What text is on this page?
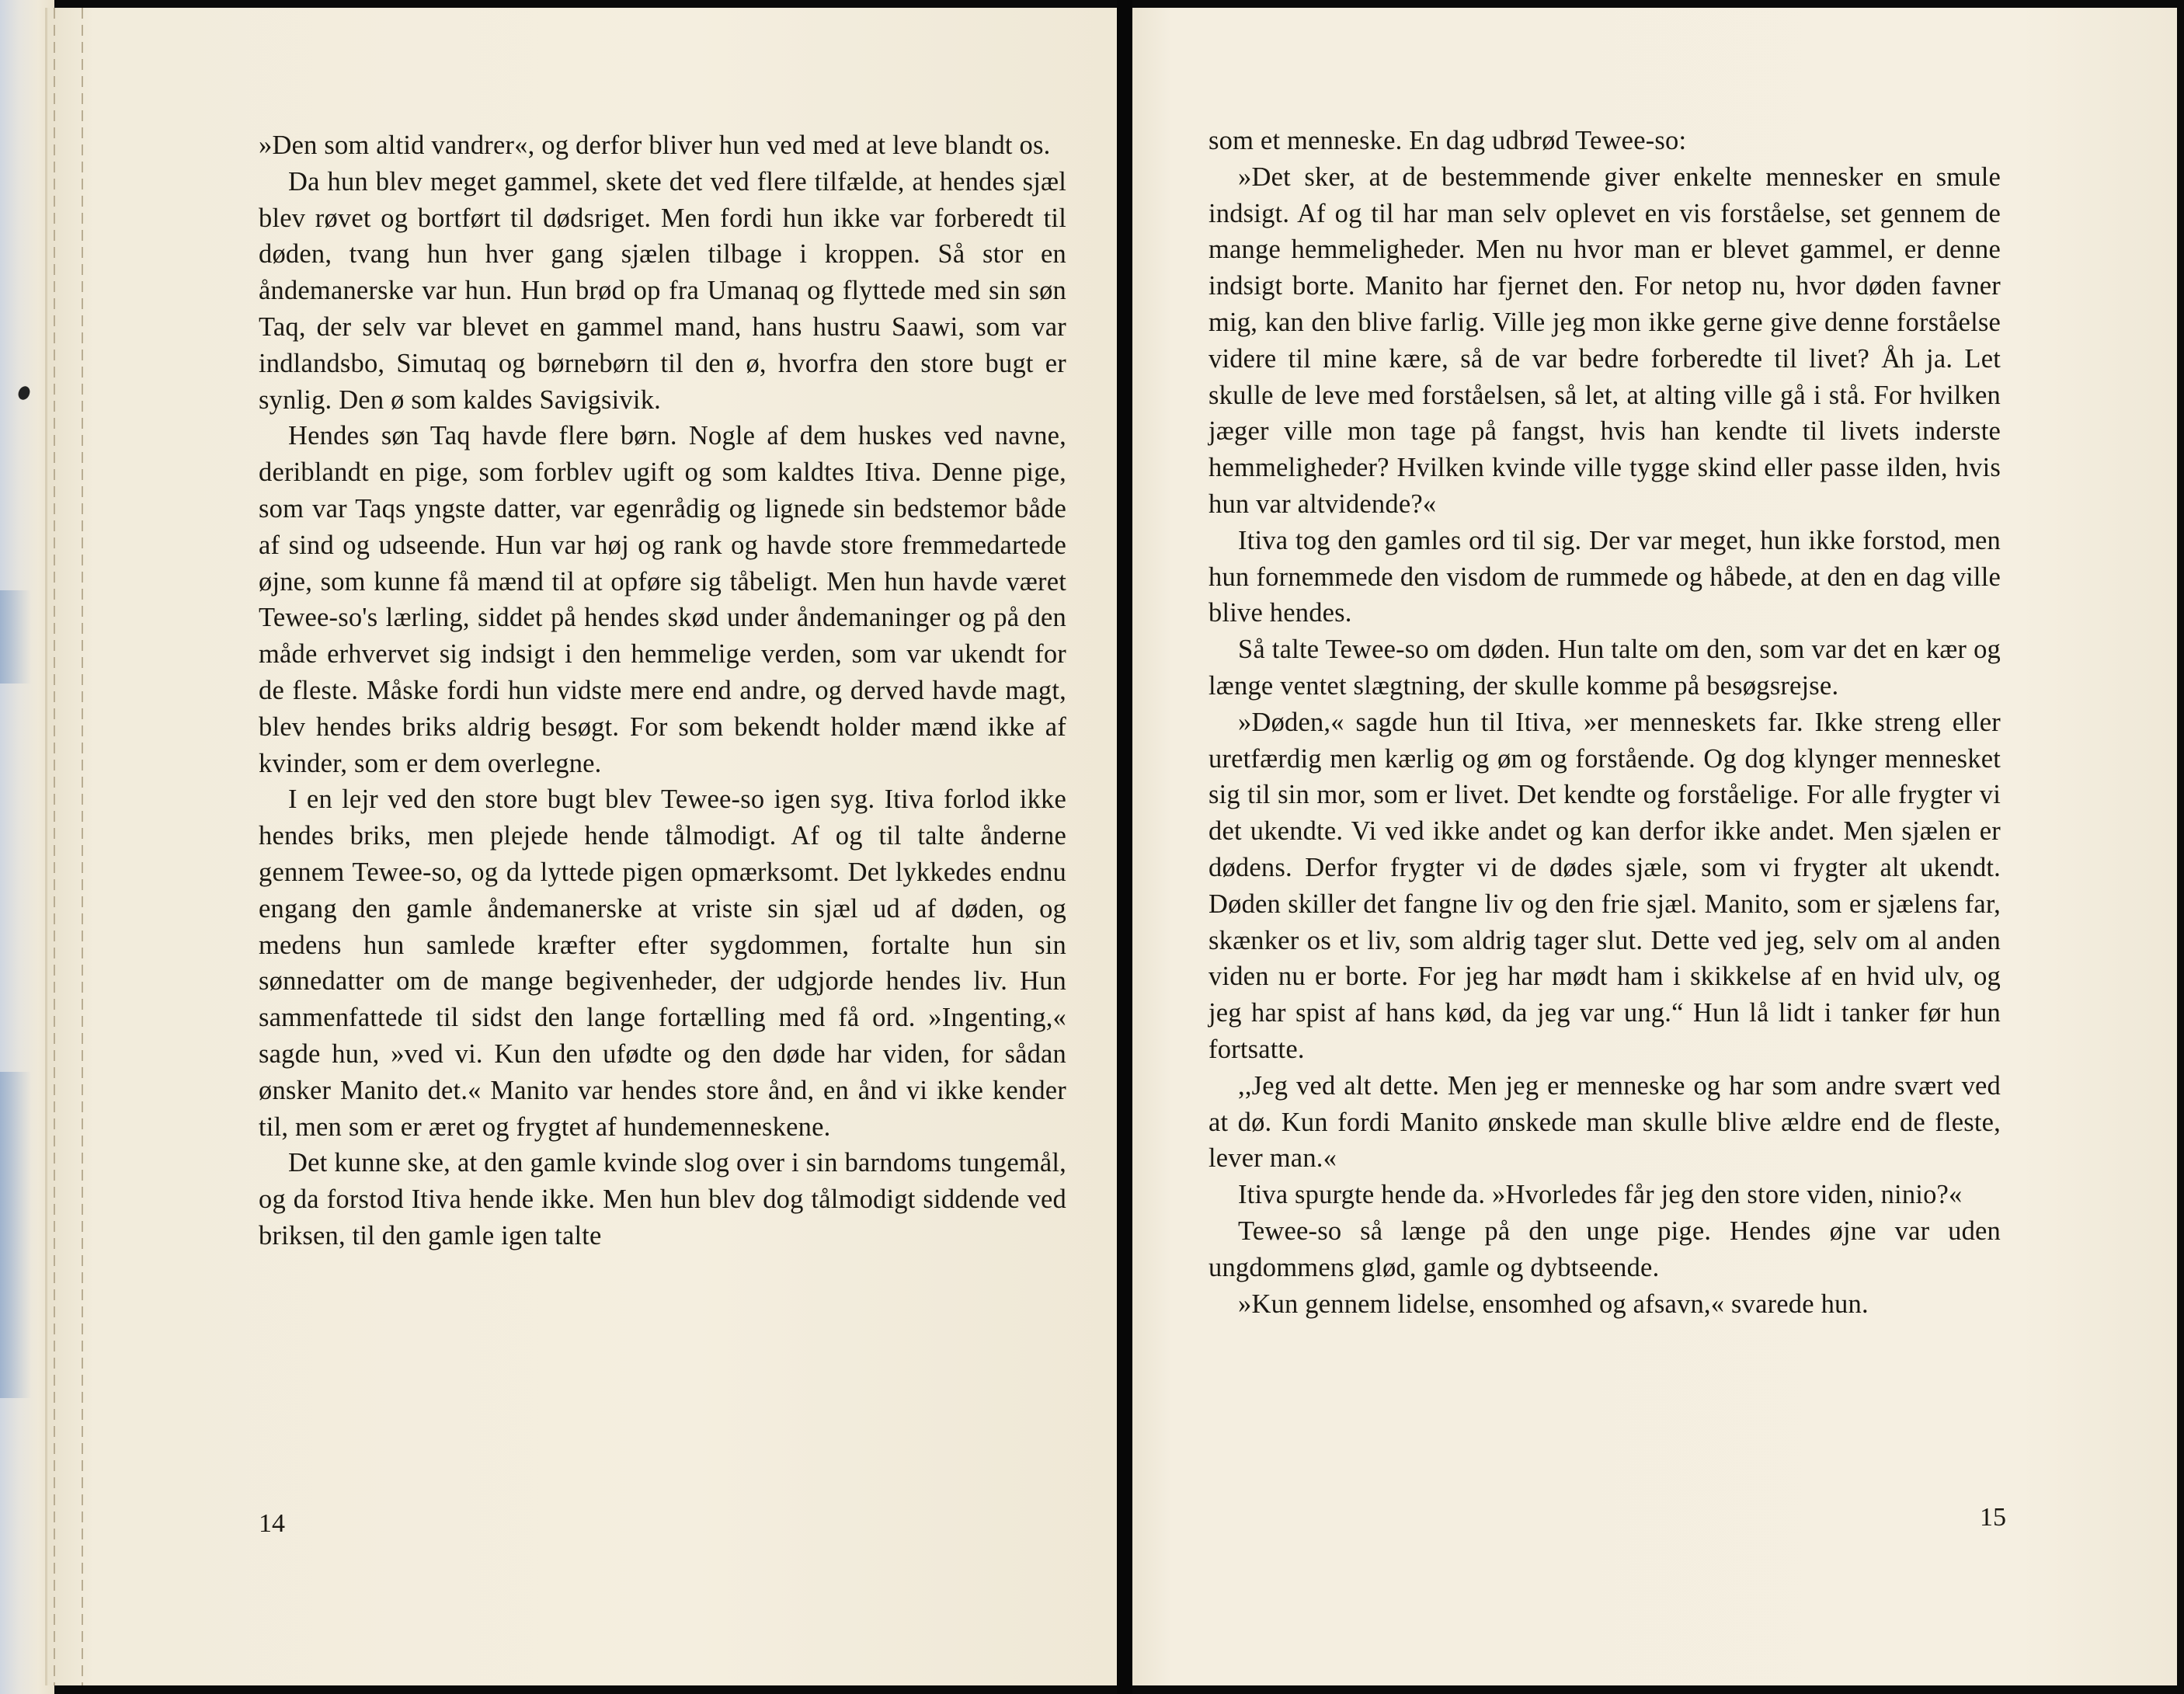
»Den som altid vandrer«, og derfor bliver hun ved med at leve blandt os.

Da hun blev meget gammel, skete det ved flere tilfælde, at hendes sjæl blev røvet og bortført til dødsriget. Men fordi hun ikke var forberedt til døden, tvang hun hver gang sjælen tilbage i kroppen. Så stor en åndemanerske var hun. Hun brød op fra Umanaq og flyttede med sin søn Taq, der selv var blevet en gammel mand, hans hustru Saawi, som var indlandsbo, Simutaq og børnebørn til den ø, hvorfra den store bugt er synlig. Den ø som kaldes Savigsivik.

Hendes søn Taq havde flere børn. Nogle af dem huskes ved navne, deriblandt en pige, som forblev ugift og som kaldtes Itiva. Denne pige, som var Taqs yngste datter, var egenrådig og lignede sin bedstemor både af sind og udseende. Hun var høj og rank og havde store fremmedartede øjne, som kunne få mænd til at opføre sig tåbeligt. Men hun havde været Tewee-so's lærling, siddet på hendes skød under åndemaninger og på den måde erhvervet sig indsigt i den hemmelige verden, som var ukendt for de fleste. Måske fordi hun vidste mere end andre, og derved havde magt, blev hendes briks aldrig besøgt. For som bekendt holder mænd ikke af kvinder, som er dem overlegne.

I en lejr ved den store bugt blev Tewee-so igen syg. Itiva forlod ikke hendes briks, men plejede hende tålmodigt. Af og til talte ånderne gennem Tewee-so, og da lyttede pigen opmærksomt. Det lykkedes endnu engang den gamle åndemanerske at vriste sin sjæl ud af døden, og medens hun samlede kræfter efter sygdommen, fortalte hun sin sønnedatter om de mange begivenheder, der udgjorde hendes liv. Hun sammenfattede til sidst den lange fortælling med få ord. »Ingenting,« sagde hun, »ved vi. Kun den ufødte og den døde har viden, for sådan ønsker Manito det.« Manito var hendes store ånd, en ånd vi ikke kender til, men som er æret og frygtet af hundemenneskene.

Det kunne ske, at den gamle kvinde slog over i sin barndoms tungemål, og da forstod Itiva hende ikke. Men hun blev dog tålmodigt siddende ved briksen, til den gamle igen talte

14

som et menneske. En dag udbrød Tewee-so:

»Det sker, at de bestemmende giver enkelte mennesker en smule indsigt. Af og til har man selv oplevet en vis forståelse, set gennem de mange hemmeligheder. Men nu hvor man er blevet gammel, er denne indsigt borte. Manito har fjernet den. For netop nu, hvor døden favner mig, kan den blive farlig. Ville jeg mon ikke gerne give denne forståelse videre til mine kære, så de var bedre forberedte til livet? Åh ja. Let skulle de leve med forståelsen, så let, at alting ville gå i stå. For hvilken jæger ville mon tage på fangst, hvis han kendte til livets inderste hemmeligheder? Hvilken kvinde ville tygge skind eller passe ilden, hvis hun var altvidende?«

Itiva tog den gamles ord til sig. Der var meget, hun ikke forstod, men hun fornemmede den visdom de rummede og håbede, at den en dag ville blive hendes.

Så talte Tewee-so om døden. Hun talte om den, som var det en kær og længe ventet slægtning, der skulle komme på besøgsrejse.

»Døden,« sagde hun til Itiva, »er menneskets far. Ikke streng eller uretfærdig men kærlig og øm og forstående. Og dog klynger mennesket sig til sin mor, som er livet. Det kendte og forståelige. For alle frygter vi det ukendte. Vi ved ikke andet og kan derfor ikke andet. Men sjælen er dødens. Derfor frygter vi de dødes sjæle, som vi frygter alt ukendt. Døden skiller det fangne liv og den frie sjæl. Manito, som er sjælens far, skænker os et liv, som aldrig tager slut. Dette ved jeg, selv om al anden viden nu er borte. For jeg har mødt ham i skikkelse af en hvid ulv, og jeg har spist af hans kød, da jeg var ung.“ Hun lå lidt i tanker før hun fortsatte.

,,Jeg ved alt dette. Men jeg er menneske og har som andre svært ved at dø. Kun fordi Manito ønskede man skulle blive ældre end de fleste, lever man.«

Itiva spurgte hende da. »Hvorledes får jeg den store viden, ninio?«

Tewee-so så længe på den unge pige. Hendes øjne var uden ungdommens glød, gamle og dybtseende.

»Kun gennem lidelse, ensomhed og afsavn,« svarede hun.

15
